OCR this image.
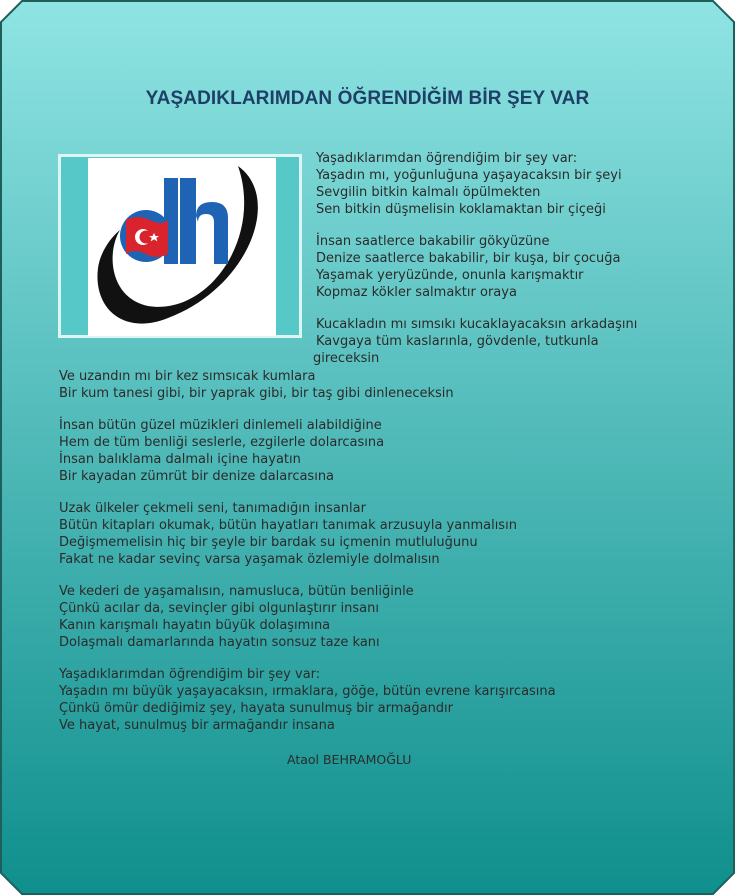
YAŞADIKLARIMDAN ÖĞRENDİĞİM BİR ŞEY VAR
Yaşadıklarımdan öğrendiğim bir şey var:
Yaşadın mı, yoğunluğuna yaşayacaksın bir şeyi
Sevgilin bitkin kalmalı öpülmekten
Sen bitkin düşmelisin koklamaktan bir çiçeği
İnsan saatlerce bakabilir gökyüzüne
Denize saatlerce bakabilir, bir kuşa, bir çocuğa
Yaşamak yeryüzünde, onunla karışmaktır
Kopmaz kökler salmaktır oraya
Kucakladın mı sımsıkı kucaklayacaksın arkadaşını
Kavgaya tüm kaslarınla, gövdenle, tutkunla
gireceksin
Ve uzandın mı bir kez sımsıcak kumlara
Bir kum tanesi gibi, bir yaprak gibi, bir taş gibi dinleneceksin
İnsan bütün güzel müzikleri dinlemeli alabildiğine
Hem de tüm benliği seslerle, ezgilerle dolarcasına
İnsan balıklama dalmalı içine hayatın
Bir kayadan zümrüt bir denize dalarcasına
Uzak ülkeler çekmeli seni, tanımadığın insanlar
Bütün kitapları okumak, bütün hayatları tanımak arzusuyla yanmalısın
Değişmemelisin hiç bir şeyle bir bardak su içmenin mutluluğunu
Fakat ne kadar sevinç varsa yaşamak özlemiyle dolmalısın
Ve kederi de yaşamalısın, namusluca, bütün benliğinle
Çünkü acılar da, sevinçler gibi olgunlaştırır insanı
Kanın karışmalı hayatın büyük dolaşımına
Dolaşmalı damarlarında hayatın sonsuz taze kanı
Yaşadıklarımdan öğrendiğim bir şey var:
Yaşadın mı büyük yaşayacaksın, ırmaklara, göğe, bütün evrene karışırcasına
Çünkü ömür dediğimiz şey, hayata sunulmuş bir armağandır
Ve hayat, sunulmuş bir armağandır insana
Ataol BEHRAMOĞLU
